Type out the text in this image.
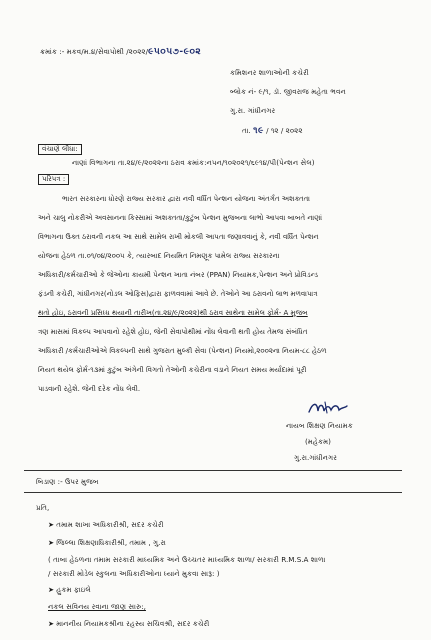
ક્રમાંક :- મકવ/મ.૪/સેવાપોથી /૨૦૨૨/૯૫૦૫૭-૯૦૨
કમિશનર શાળાઓની કચેરી
બ્લોક નં- ૯/૧, ડૉ. જીવરાજ મહેતા ભવન
ગુ.રા. ગાંધીનગર
તા. ૧૯ / ૧૨ / ૨૦૨૨
વંચાણે લીધા:
નાણાં વિભાગના તા.૨૪/૯/૨૦૨૨ના ઠરાવ ક્રમાંક:નપન/૧૦૨૦૨૧/૬૯૧૪/પી(પેન્શન સેલ)
પરિપત્ર :
ભારત સરકારના ધોરણે રાજ્ય સરકાર દ્વારા નવી વર્ધિત પેન્શન યોજના અંતર્ગત અશક્તતા
અને ચાલુ નોકરીએ અવસાનના કિસ્સામાં અશક્તતા/કુટુંબ પેન્શન મુજબના લાભો આપવા બાબતે નાણાં
વિભાગના ઉક્ત ઠરાવની નકલ આ સાથે સામેલ રાખી મોકલી આપતા જણાવવાનું કે, નવી વર્ધિત પેન્શન
યોજના હેઠળ તા.૦૧/૦૪/૨૦૦૫ કે, ત્યારબાદ નિયમિત નિમણૂક પામેલ રાજ્ય સરકારના
અધિકારી/કર્મચારીઓ કે જેઓના કાયમી પેન્શન ખાતા નંબર (PPAN) નિયામક,પેન્શન અને પ્રોવિડન્ડ
ફંડની કચેરી, ગાંધીનગર(નોડલ ઓફિસ)દ્વારા ફાળવવામાં આવે છે. તેઓને આ ઠરાવનો લાભ મળવાપાત્ર
થતો હોઇ, ઠરાવની પ્રસિધ્ધ થયાની તારીખ(તા.૨૪/૯/૨૦૨૨)થી ઠરાવ સાથેના સામેલ ફોર્મ- A મુજબ
ત્રણ માસમાં વિકલ્પ આપવાનો રહેશે હોઇ, જેની સેવાપોથીમાં નોંધ લેવાની થતી હોય તેમજ સંબંધિત
અધિકારી /કર્મચારીઓએ વિકલ્પની સાથે ગુજરાત મુલ્કી સેવા (પેન્શન) નિયમો,૨૦૦૨ના નિયમ-૮૮ હેઠળ
નિયત થયેલ ફોર્મ-૧૩માં કુટુંબ અંગેની વિગતો તેઓની કચેરીના વડાને નિયત સમય મર્યાદામાં પૂરી
પાડવાની રહેશે. જેની દરેક નોંધ લેવી.
નાયબ શિક્ષણ નિયામક
(મહેકમ)
ગુ.રા.ગાંધીનગર
બિડાણ :- ઉપર મુજબ
પ્રતિ,
➤ તમામ શાખા અધિકારીશ્રી, સદર કચેરી
➤ જિલ્લા શિક્ષણાધિકારીશ્રી, તમામ , ગુ.રા
( તાબા હેઠળના તમામ સરકારી માધ્યમિક અને ઉચ્ચતર માધ્યમિક શાળા/ સરકારી R.M.S.A શાળા
/ સરકારી મોડેલ સ્કુલના અધિકારીઓના ધ્યાને મુકવા સારૂ: )
➤ હુકમ ફાઇલે
નકલ સવિનય રવાના જાણ સારુ:,
➤ માનનીય નિયામકશ્રીના રહસ્ય સચિવશ્રી, સદર કચેરી
